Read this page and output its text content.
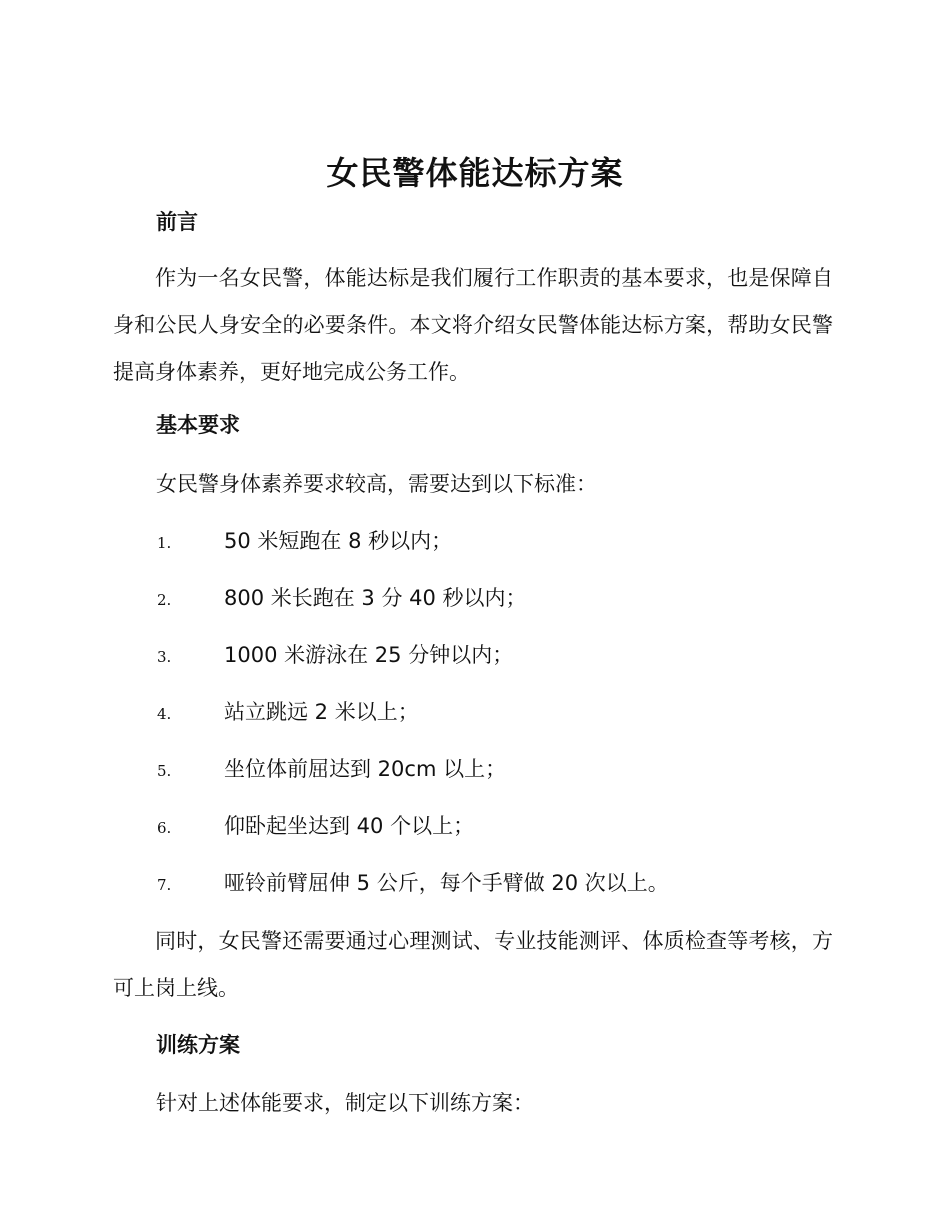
女民警体能达标方案
前言
作为一名女民警，体能达标是我们履行工作职责的基本要求，也是保障自身和公民人身安全的必要条件。本文将介绍女民警体能达标方案，帮助女民警提高身体素养，更好地完成公务工作。
基本要求
女民警身体素养要求较高，需要达到以下标准：
1.	50 米短跑在 8 秒以内；
2.	800 米长跑在 3 分 40 秒以内；
3.	1000 米游泳在 25 分钟以内；
4.	站立跳远 2 米以上；
5.	坐位体前屈达到 20cm 以上；
6.	仰卧起坐达到 40 个以上；
7.	哑铃前臂屈伸 5 公斤，每个手臂做 20 次以上。
同时，女民警还需要通过心理测试、专业技能测评、体质检查等考核，方可上岗上线。
训练方案
针对上述体能要求，制定以下训练方案：
